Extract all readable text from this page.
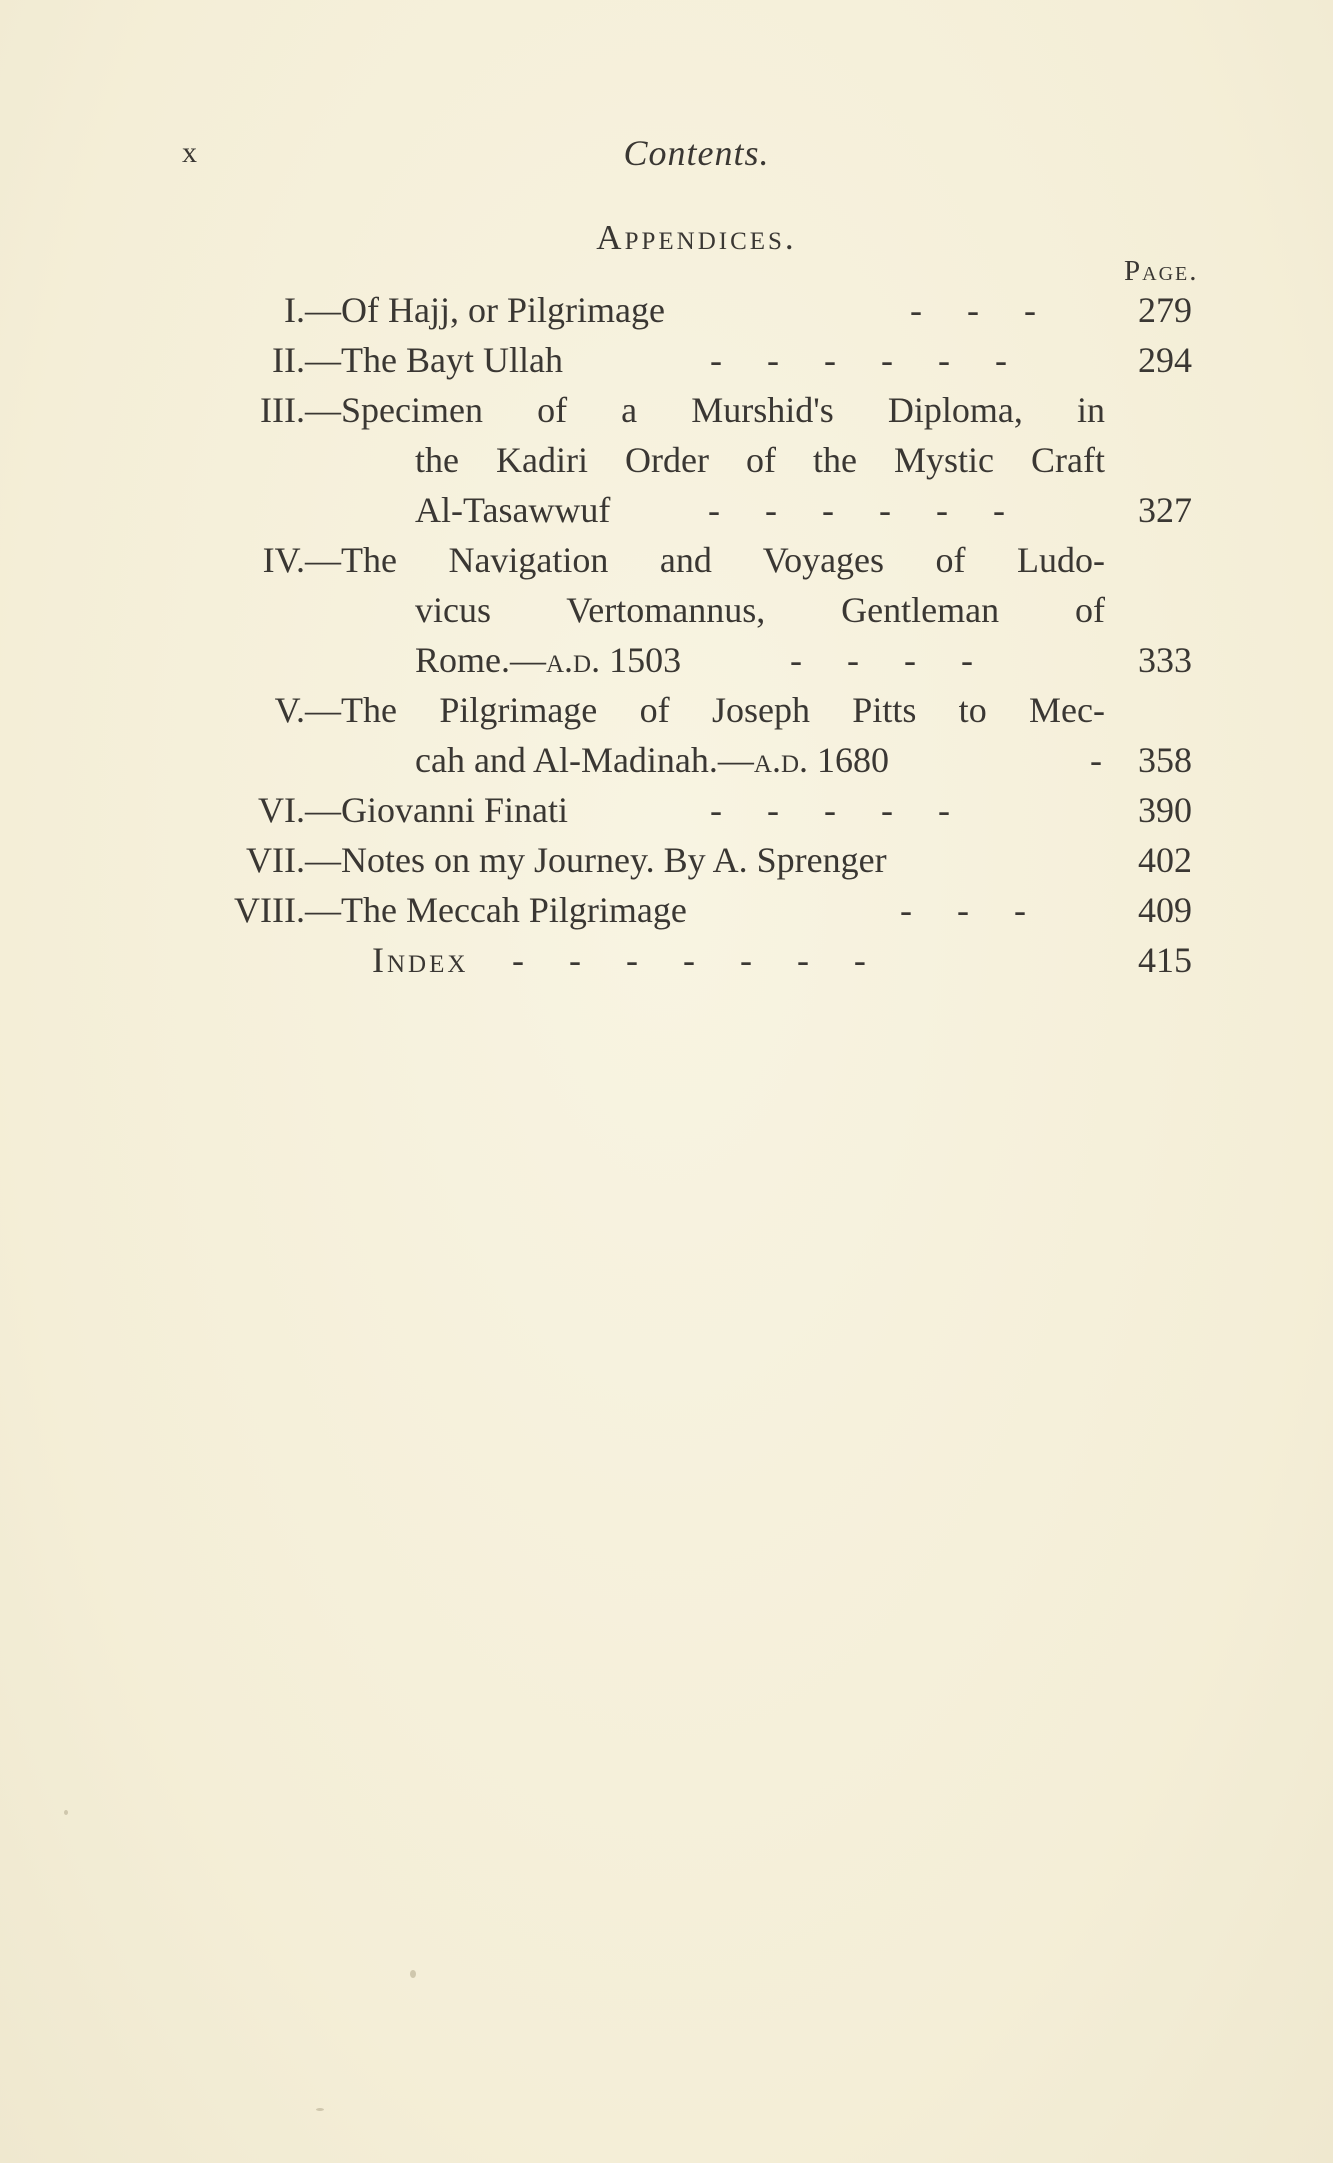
x	Contents.
Appendices.
Page.
I. —Of Hajj, or Pilgrimage	-     -     -	279
II. —The Bayt Ullah	-     -     -     -     -     -	294
III. —Specimen of a Murshid's Diploma, in
the Kadiri Order of the Mystic Craft
Al-Tasawwuf	-     -     -     -     -     -	327
IV. —The Navigation and Voyages of Ludo-
vicus Vertomannus, Gentleman of
Rome.—a.d. 1503	-     -     -     -	333
V. —The Pilgrimage of Joseph Pitts to Mec-
cah and Al-Madinah.—a.d. 1680	- 358
VI. —Giovanni Finati	-     -     -     -     -	390
VII. —Notes on my Journey. By A. Sprenger	402
VIII. —The Meccah Pilgrimage	-     -     -	409
Index -     -     -     -     -     -     -	415
